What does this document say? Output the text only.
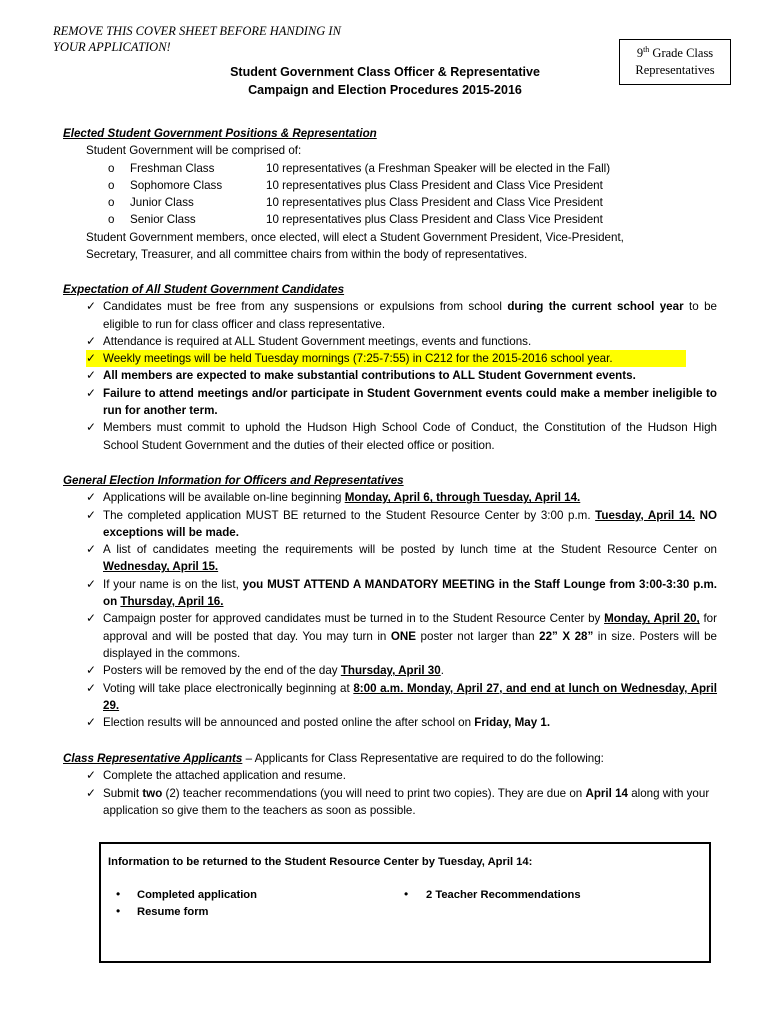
REMOVE THIS COVER SHEET BEFORE HANDING IN
YOUR APPLICATION!	9th Grade Class
Representatives
Student Government Class Officer & Representative
Campaign and Election Procedures 2015-2016
Elected Student Government Positions & Representation
Student Government will be comprised of:
o	Freshman Class	10 representatives (a Freshman Speaker will be elected in the Fall)
o	Sophomore Class	10 representatives plus Class President and Class Vice President
o	Junior Class	10 representatives plus Class President and Class Vice President
o	Senior Class	10 representatives plus Class President and Class Vice President
Student Government members, once elected, will elect a Student Government President, Vice-President,
Secretary, Treasurer, and all committee chairs from within the body of representatives.
Expectation of All Student Government Candidates
✓ Candidates must be free from any suspensions or expulsions from school during the current school year to be eligible to run for class officer and class representative.
✓ Attendance is required at ALL Student Government meetings, events and functions.
✓ Weekly meetings will be held Tuesday mornings (7:25-7:55) in C212 for the 2015-2016 school year.
✓ All members are expected to make substantial contributions to ALL Student Government events.
✓ Failure to attend meetings and/or participate in Student Government events could make a member ineligible to run for another term.
✓ Members must commit to uphold the Hudson High School Code of Conduct, the Constitution of the Hudson High School Student Government and the duties of their elected office or position.
General Election Information for Officers and Representatives
✓ Applications will be available on-line beginning Monday, April 6, through Tuesday, April 14.
✓ The completed application MUST BE returned to the Student Resource Center by 3:00 p.m. Tuesday, April 14. NO exceptions will be made.
✓ A list of candidates meeting the requirements will be posted by lunch time at the Student Resource Center on Wednesday, April 15.
✓ If your name is on the list, you MUST ATTEND A MANDATORY MEETING in the Staff Lounge from 3:00-3:30 p.m. on Thursday, April 16.
✓ Campaign poster for approved candidates must be turned in to the Student Resource Center by Monday, April 20, for approval and will be posted that day. You may turn in ONE poster not larger than 22” X 28” in size. Posters will be displayed in the commons.
✓ Posters will be removed by the end of the day Thursday, April 30.
✓ Voting will take place electronically beginning at 8:00 a.m. Monday, April 27, and end at lunch on Wednesday, April 29.
✓ Election results will be announced and posted online the after school on Friday, May 1.
Class Representative Applicants – Applicants for Class Representative are required to do the following:
✓ Complete the attached application and resume.
✓ Submit two (2) teacher recommendations (you will need to print two copies). They are due on April 14 along with your application so give them to the teachers as soon as possible.
Information to be returned to the Student Resource Center by Tuesday, April 14:
• Completed application
• Resume form
• 2 Teacher Recommendations
